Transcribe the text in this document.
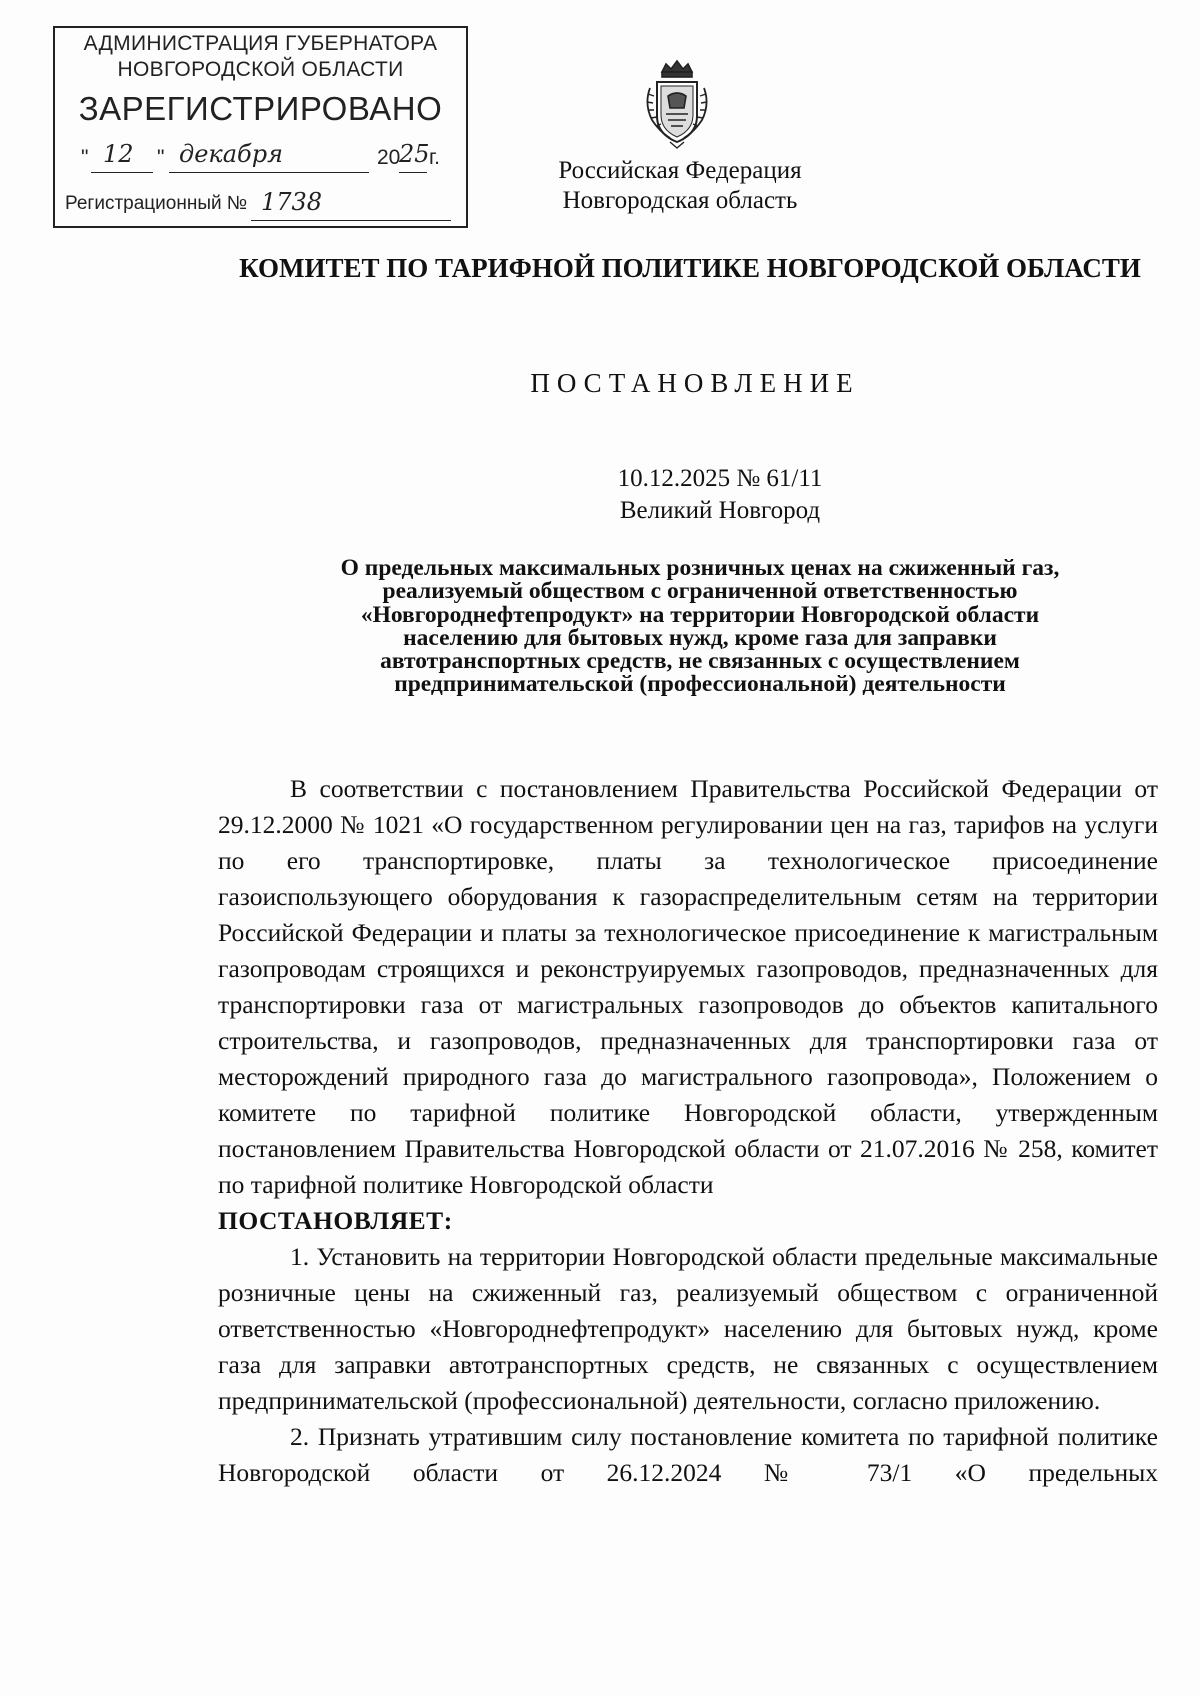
АДМИНИСТРАЦИЯ ГУБЕРНАТОРА
НОВГОРОДСКОЙ ОБЛАСТИ
ЗАРЕГИСТРИРОВАНО
" 12 " декабря	20
25 г.
Регистрационный № 1738
Российская Федерация
Новгородская область
КОМИТЕТ ПО ТАРИФНОЙ ПОЛИТИКЕ НОВГОРОДСКОЙ ОБЛАСТИ
ПОСТАНОВЛЕНИЕ
10.12.2025 № 61/11
Великий Новгород
О предельных максимальных розничных ценах на сжиженный газ,
реализуемый обществом с ограниченной ответственностью
«Новгороднефтепродукт» на территории Новгородской области
населению для бытовых нужд, кроме газа для заправки
автотранспортных средств, не связанных с осуществлением
предпринимательской (профессиональной) деятельности

В соответствии с постановлением Правительства Российской Федерации от 29.12.2000 № 1021 «О государственном регулировании цен на газ, тарифов на услуги по его транспортировке, платы за технологическое присоединение газоиспользующего оборудования к газораспределительным сетям на территории Российской Федерации и платы за технологическое присоединение к магистральным газопроводам строящихся и реконструируемых газопроводов, предназначенных для транспортировки газа от магистральных газопроводов до объектов капитального строительства, и газопроводов, предназначенных для транспортировки газа от месторождений природного газа до магистрального газопровода», Положением о комитете по тарифной политике Новгородской области, утвержденным постановлением Правительства Новгородской области от 21.07.2016 № 258, комитет по тарифной политике Новгородской области

ПОСТАНОВЛЯЕТ:

1. Установить на территории Новгородской области предельные максимальные розничные цены на сжиженный газ, реализуемый обществом с ограниченной ответственностью «Новгороднефтепродукт» населению для бытовых нужд, кроме газа для заправки автотранспортных средств, не связанных с осуществлением предпринимательской (профессиональной) деятельности, согласно приложению.

2. Признать утратившим силу постановление комитета по тарифной политике Новгородской области от 26.12.2024 № 73/1 «О предельных
